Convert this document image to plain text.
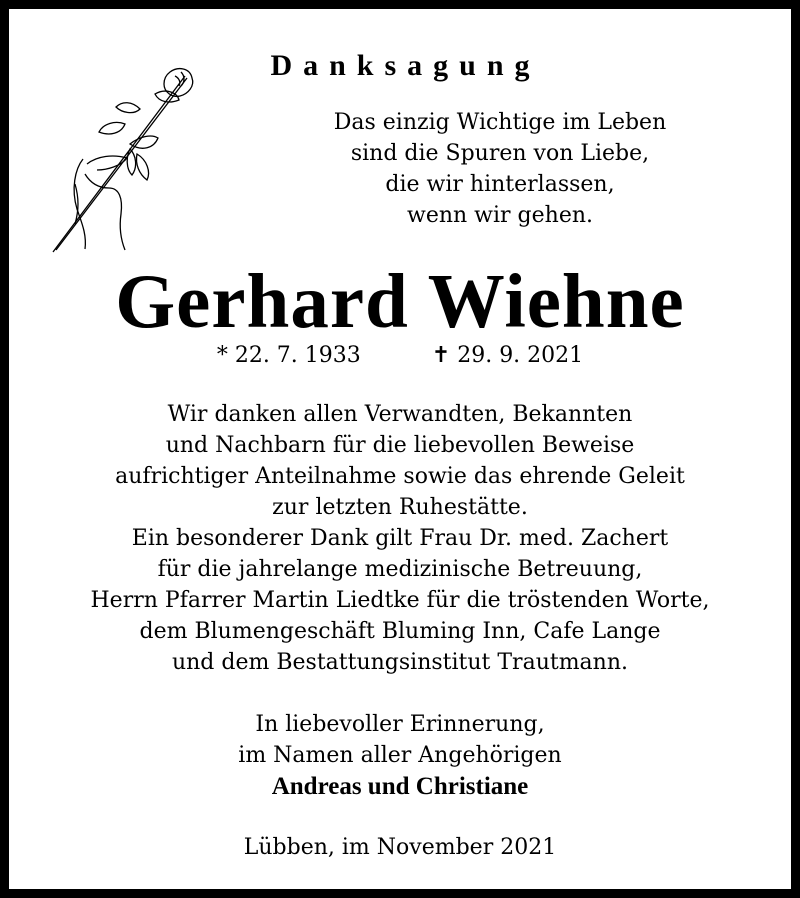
Danksagung
Das einzig Wichtige im Leben
sind die Spuren von Liebe,
die wir hinterlassen,
wenn wir gehen.
Gerhard Wiehne
* 22. 7. 1933	✝ 29. 9. 2021
Wir danken allen Verwandten, Bekannten
und Nachbarn für die liebevollen Beweise
aufrichtiger Anteilnahme sowie das ehrende Geleit
zur letzten Ruhestätte.
Ein besonderer Dank gilt Frau Dr. med. Zachert
für die jahrelange medizinische Betreuung,
Herrn Pfarrer Martin Liedtke für die tröstenden Worte,
dem Blumengeschäft Bluming Inn, Cafe Lange
und dem Bestattungsinstitut Trautmann.
In liebevoller Erinnerung,
im Namen aller Angehörigen
Andreas und Christiane
Lübben, im November 2021
